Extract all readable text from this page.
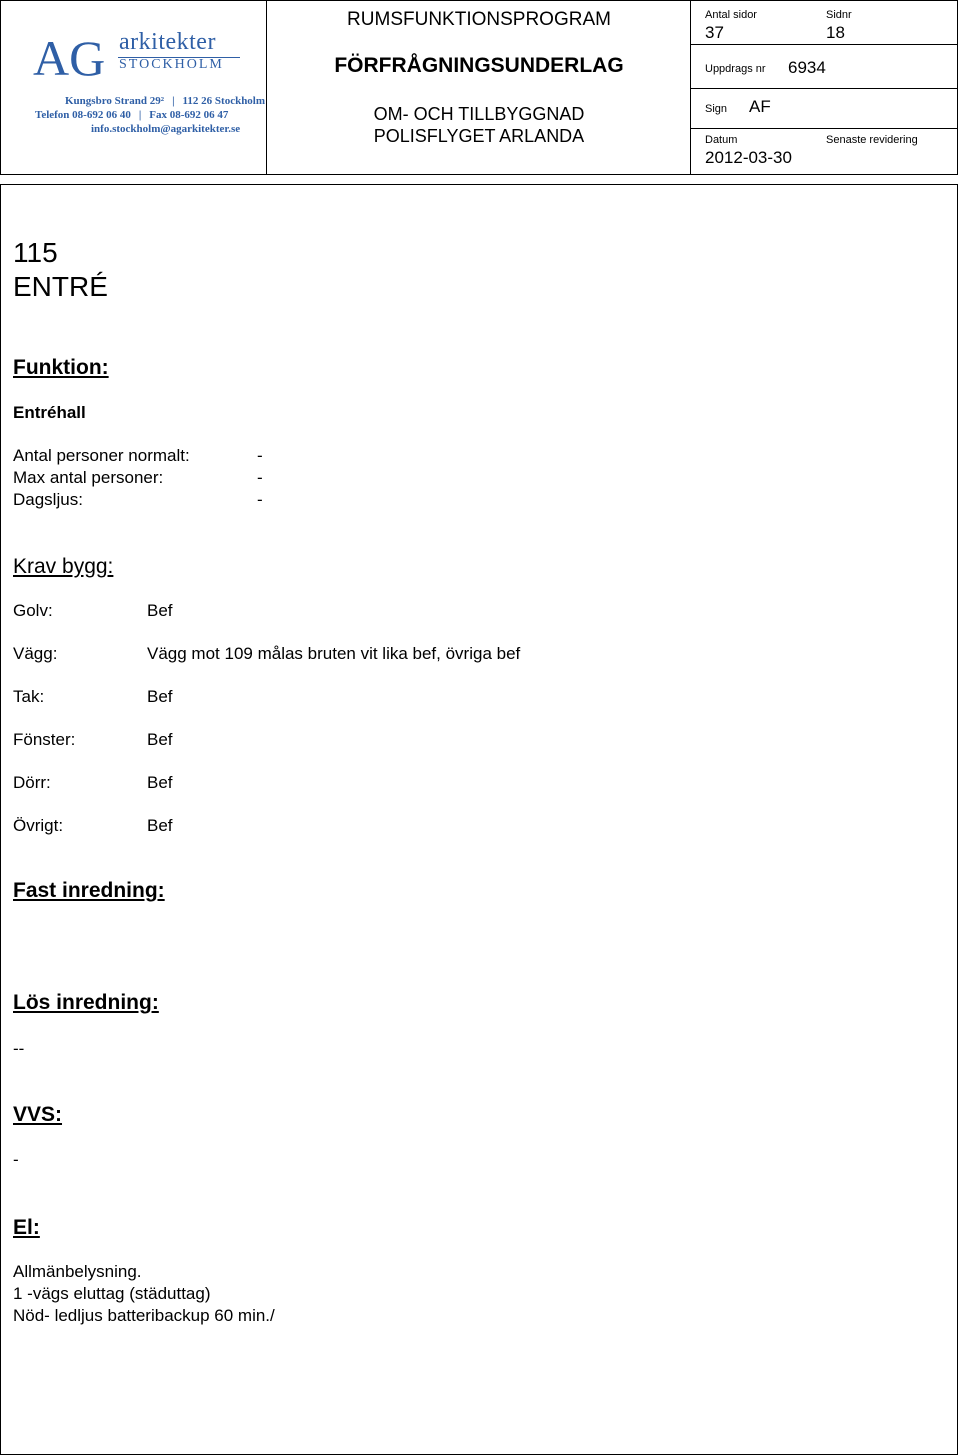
AG arkitekter
STOCKHOLM
Kungsbro Strand 29² | 112 26 Stockholm
Telefon 08-692 06 40 | Fax 08-692 06 47
info.stockholm@agarkitekter.se
RUMSFUNKTIONSPROGRAM
FÖRFRÅGNINGSUNDERLAG
OM- OCH TILLBYGGNAD
POLISFLYGET ARLANDA
Antal sidor
37
Sidnr
18
Uppdrags nr 6934
Sign AF
Datum
2012-03-30
Senaste revidering
115
ENTRÉ
Funktion:
Entréhall
Antal personer normalt:	-
Max antal personer:	-
Dagsljus:	-
Krav bygg:
Golv:	Bef
Vägg:	Vägg mot 109 målas bruten vit lika bef, övriga bef
Tak:	Bef
Fönster:	Bef
Dörr:	Bef
Övrigt:	Bef
Fast inredning:
Lös inredning:
--
VVS:
-
El:
Allmänbelysning.
1 -vägs eluttag (städuttag)
Nöd- ledljus batteribackup 60 min./
